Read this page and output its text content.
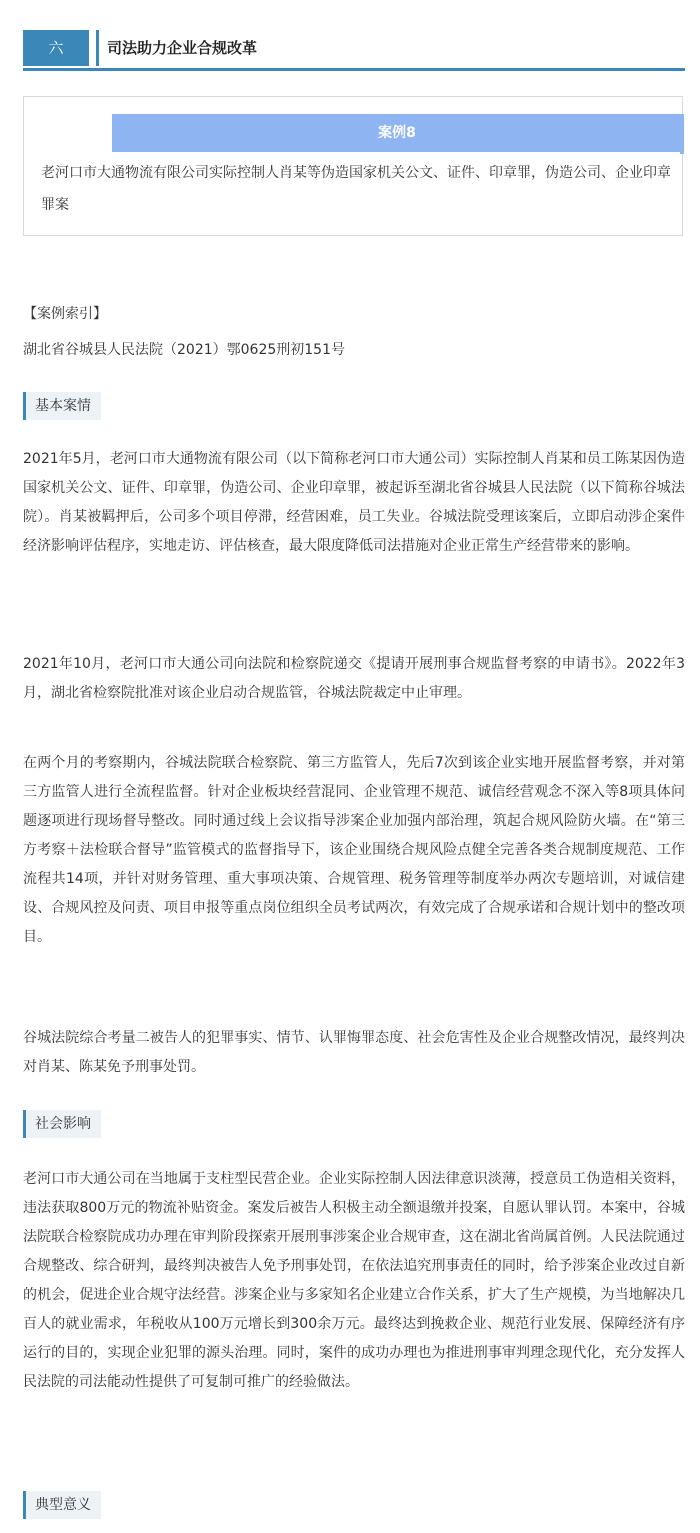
六	司法助力企业合规改革
案例8
老河口市大通物流有限公司实际控制人肖某等伪造国家机关公文、证件、印章罪，伪造公司、企业印章罪案
【案例索引】
湖北省谷城县人民法院（2021）鄂0625刑初151号
基本案情

2021年5月，老河口市大通物流有限公司（以下简称老河口市大通公司）实际控制人肖某和员工陈某因伪造国家机关公文、证件、印章罪，伪造公司、企业印章罪，被起诉至湖北省谷城县人民法院（以下简称谷城法院）。肖某被羁押后，公司多个项目停滞，经营困难，员工失业。谷城法院受理该案后，立即启动涉企案件经济影响评估程序，实地走访、评估核查，最大限度降低司法措施对企业正常生产经营带来的影响。

2021年10月，老河口市大通公司向法院和检察院递交《提请开展刑事合规监督考察的申请书》。2022年3月，湖北省检察院批准对该企业启动合规监管，谷城法院裁定中止审理。

在两个月的考察期内，谷城法院联合检察院、第三方监管人，先后7次到该企业实地开展监督考察，并对第三方监管人进行全流程监督。针对企业板块经营混同、企业管理不规范、诚信经营观念不深入等8项具体问题逐项进行现场督导整改。同时通过线上会议指导涉案企业加强内部治理，筑起合规风险防火墙。在“第三方考察＋法检联合督导”监管模式的监督指导下，该企业围绕合规风险点健全完善各类合规制度规范、工作流程共14项，并针对财务管理、重大事项决策、合规管理、税务管理等制度举办两次专题培训，对诚信建设、合规风控及问责、项目申报等重点岗位组织全员考试两次，有效完成了合规承诺和合规计划中的整改项目。

谷城法院综合考量二被告人的犯罪事实、情节、认罪悔罪态度、社会危害性及企业合规整改情况，最终判决对肖某、陈某免予刑事处罚。

社会影响

老河口市大通公司在当地属于支柱型民营企业。企业实际控制人因法律意识淡薄，授意员工伪造相关资料，违法获取800万元的物流补贴资金。案发后被告人积极主动全额退缴并投案，自愿认罪认罚。本案中，谷城法院联合检察院成功办理在审判阶段探索开展刑事涉案企业合规审查，这在湖北省尚属首例。人民法院通过合规整改、综合研判，最终判决被告人免予刑事处罚，在依法追究刑事责任的同时，给予涉案企业改过自新的机会，促进企业合规守法经营。涉案企业与多家知名企业建立合作关系，扩大了生产规模，为当地解决几百人的就业需求，年税收从100万元增长到300余万元。最终达到挽救企业、规范行业发展、保障经济有序运行的目的，实现企业犯罪的源头治理。同时，案件的成功办理也为推进刑事审判理念现代化，充分发挥人民法院的司法能动性提供了可复制可推广的经验做法。

典型意义
